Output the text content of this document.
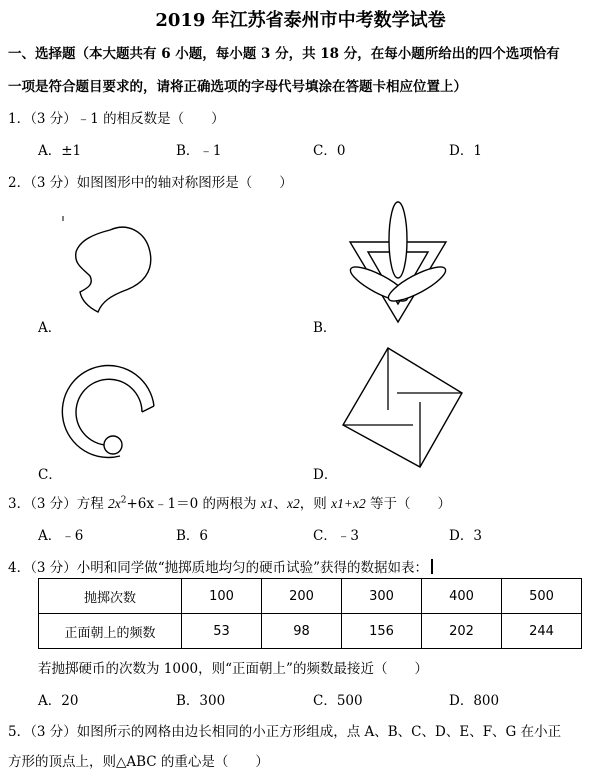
2019 年江苏省泰州市中考数学试卷
一、选择题（本大题共有 6 小题，每小题 3 分，共 18 分，在每小题所给出的四个选项恰有
一项是符合题目要求的，请将正确选项的字母代号填涂在答题卡相应位置上）
1．（3 分）﹣1 的相反数是（　　）
A．±1	B．﹣1	C．0	D．1
2．（3 分）如图图形中的轴对称图形是（　　）
A．	B．
C．	D．
3．（3 分）方程 $2x^2+6x﹣1=0$ 的两根为 x1、x2，则 x1+x2 等于（　　）
A．﹣6	B．6	C．﹣3	D．3
4．（3 分）小明和同学做“抛掷质地均匀的硬币试验”获得的数据如表：
抛掷次数	100	200	300	400	500
正面朝上的频数	53	98	156	202	244
若抛掷硬币的次数为 1000，则“正面朝上”的频数最接近（　　）
A．20	B．300	C．500	D．800
5．（3 分）如图所示的网格由边长相同的小正方形组成，点 A、B、C、D、E、F、G 在小正
方形的顶点上，则△ABC 的重心是（　　）
